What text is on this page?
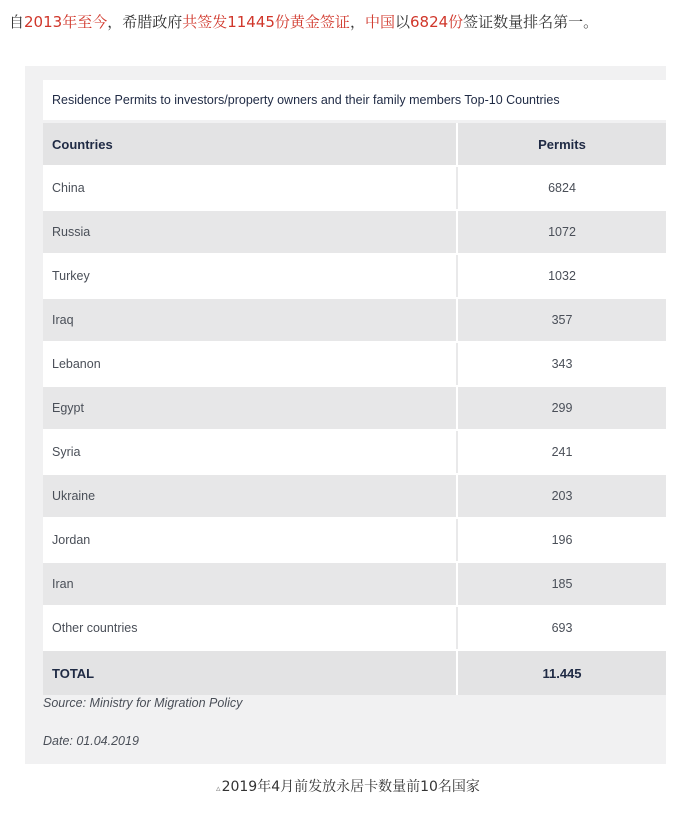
自2013年至今，希腊政府共签发11445份黄金签证，中国以6824份签证数量排名第一。
Residence Permits to investors/property owners and their family members Top-10 Countries
Countries	Permits
China	6824
Russia	1072
Turkey	1032
Iraq	357
Lebanon	343
Egypt	299
Syria	241
Ukraine	203
Jordan	196
Iran	185
Other countries	693
TOTAL	11.445
Source: Ministry for Migration Policy
Date: 01.04.2019
▵2019年4月前发放永居卡数量前10名国家
